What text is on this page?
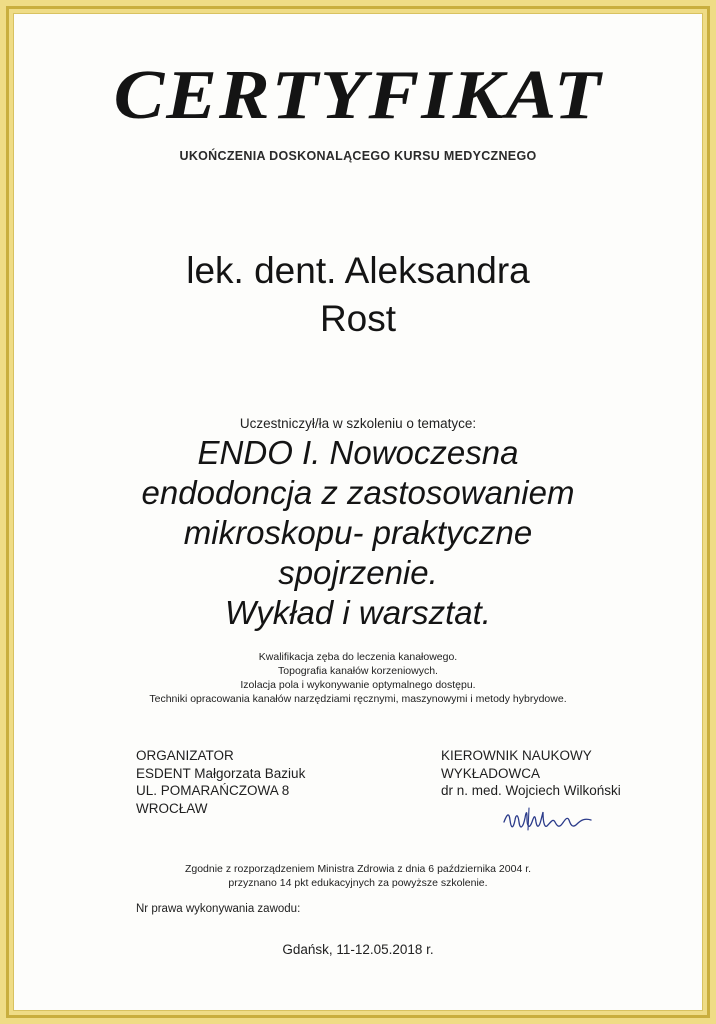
CERTYFIKAT
UKOŃCZENIA DOSKONALĄCEGO KURSU MEDYCZNEGO
lek. dent. Aleksandra
Rost
Uczestniczył/ła w szkoleniu o tematyce:
ENDO I. Nowoczesna
endodoncja z zastosowaniem
mikroskopu- praktyczne
spojrzenie.
Wykład i warsztat.
Kwalifikacja zęba do leczenia kanałowego.
Topografia kanałów korzeniowych.
Izolacja pola i wykonywanie optymalnego dostępu.
Techniki opracowania kanałów narzędziami ręcznymi, maszynowymi i metody hybrydowe.
ORGANIZATOR
ESDENT Małgorzata Baziuk
UL. POMARAŃCZOWA 8
WROCŁAW
KIEROWNIK NAUKOWY
WYKŁADOWCA
dr n. med. Wojciech Wilkoński
Zgodnie z rozporządzeniem Ministra Zdrowia z dnia 6 października 2004 r.
przyznano 14 pkt edukacyjnych za powyższe szkolenie.
Nr prawa wykonywania zawodu:
Gdańsk, 11-12.05.2018 r.
